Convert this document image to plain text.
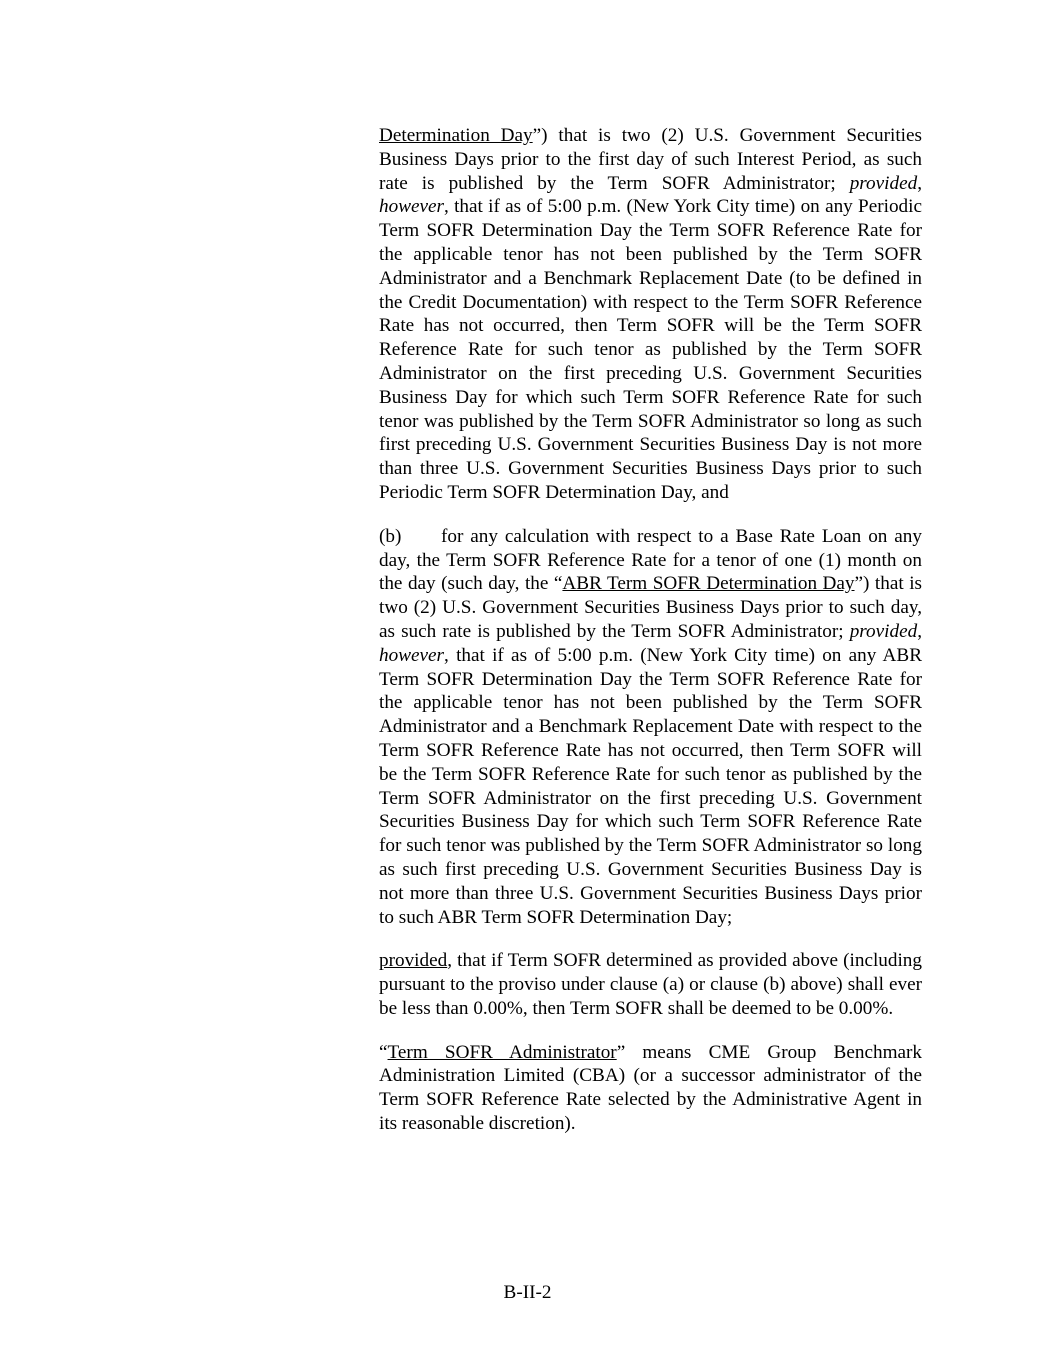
Determination Day”) that is two (2) U.S. Government Securities Business Days prior to the first day of such Interest Period, as such rate is published by the Term SOFR Administrator; provided, however, that if as of 5:00 p.m. (New York City time) on any Periodic Term SOFR Determination Day the Term SOFR Reference Rate for the applicable tenor has not been published by the Term SOFR Administrator and a Benchmark Replacement Date (to be defined in the Credit Documentation) with respect to the Term SOFR Reference Rate has not occurred, then Term SOFR will be the Term SOFR Reference Rate for such tenor as published by the Term SOFR Administrator on the first preceding U.S. Government Securities Business Day for which such Term SOFR Reference Rate for such tenor was published by the Term SOFR Administrator so long as such first preceding U.S. Government Securities Business Day is not more than three U.S. Government Securities Business Days prior to such Periodic Term SOFR Determination Day, and

(b) for any calculation with respect to a Base Rate Loan on any day, the Term SOFR Reference Rate for a tenor of one (1) month on the day (such day, the “ABR Term SOFR Determination Day”) that is two (2) U.S. Government Securities Business Days prior to such day, as such rate is published by the Term SOFR Administrator; provided, however, that if as of 5:00 p.m. (New York City time) on any ABR Term SOFR Determination Day the Term SOFR Reference Rate for the applicable tenor has not been published by the Term SOFR Administrator and a Benchmark Replacement Date with respect to the Term SOFR Reference Rate has not occurred, then Term SOFR will be the Term SOFR Reference Rate for such tenor as published by the Term SOFR Administrator on the first preceding U.S. Government Securities Business Day for which such Term SOFR Reference Rate for such tenor was published by the Term SOFR Administrator so long as such first preceding U.S. Government Securities Business Day is not more than three U.S. Government Securities Business Days prior to such ABR Term SOFR Determination Day;

provided, that if Term SOFR determined as provided above (including pursuant to the proviso under clause (a) or clause (b) above) shall ever be less than 0.00%, then Term SOFR shall be deemed to be 0.00%.

“Term SOFR Administrator” means CME Group Benchmark Administration Limited (CBA) (or a successor administrator of the Term SOFR Reference Rate selected by the Administrative Agent in its reasonable discretion).

B-II-2
